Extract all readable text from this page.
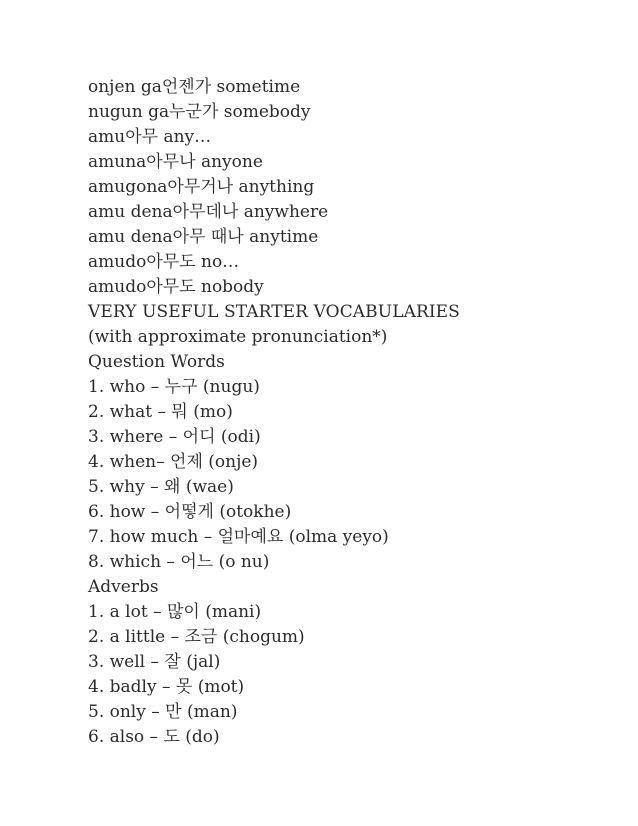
onjen ga언젠가 sometime
nugun ga누군가 somebody
amu아무 any…
amuna아무나 anyone
amugona아무거나 anything
amu dena아무데나 anywhere
amu dena아무 때나 anytime
amudo아무도 no…
amudo아무도 nobody
VERY USEFUL STARTER VOCABULARIES
(with approximate pronunciation*)
Question Words
1. who – 누구 (nugu)
2. what – 뭐 (mo)
3. where – 어디 (odi)
4. when– 언제 (onje)
5. why – 왜 (wae)
6. how – 어떻게 (otokhe)
7. how much – 얼마예요 (olma yeyo)
8. which – 어느 (o nu)
Adverbs
1. a lot – 많이 (mani)
2. a little – 조금 (chogum)
3. well – 잘 (jal)
4. badly – 못 (mot)
5. only – 만 (man)
6. also – 도 (do)
